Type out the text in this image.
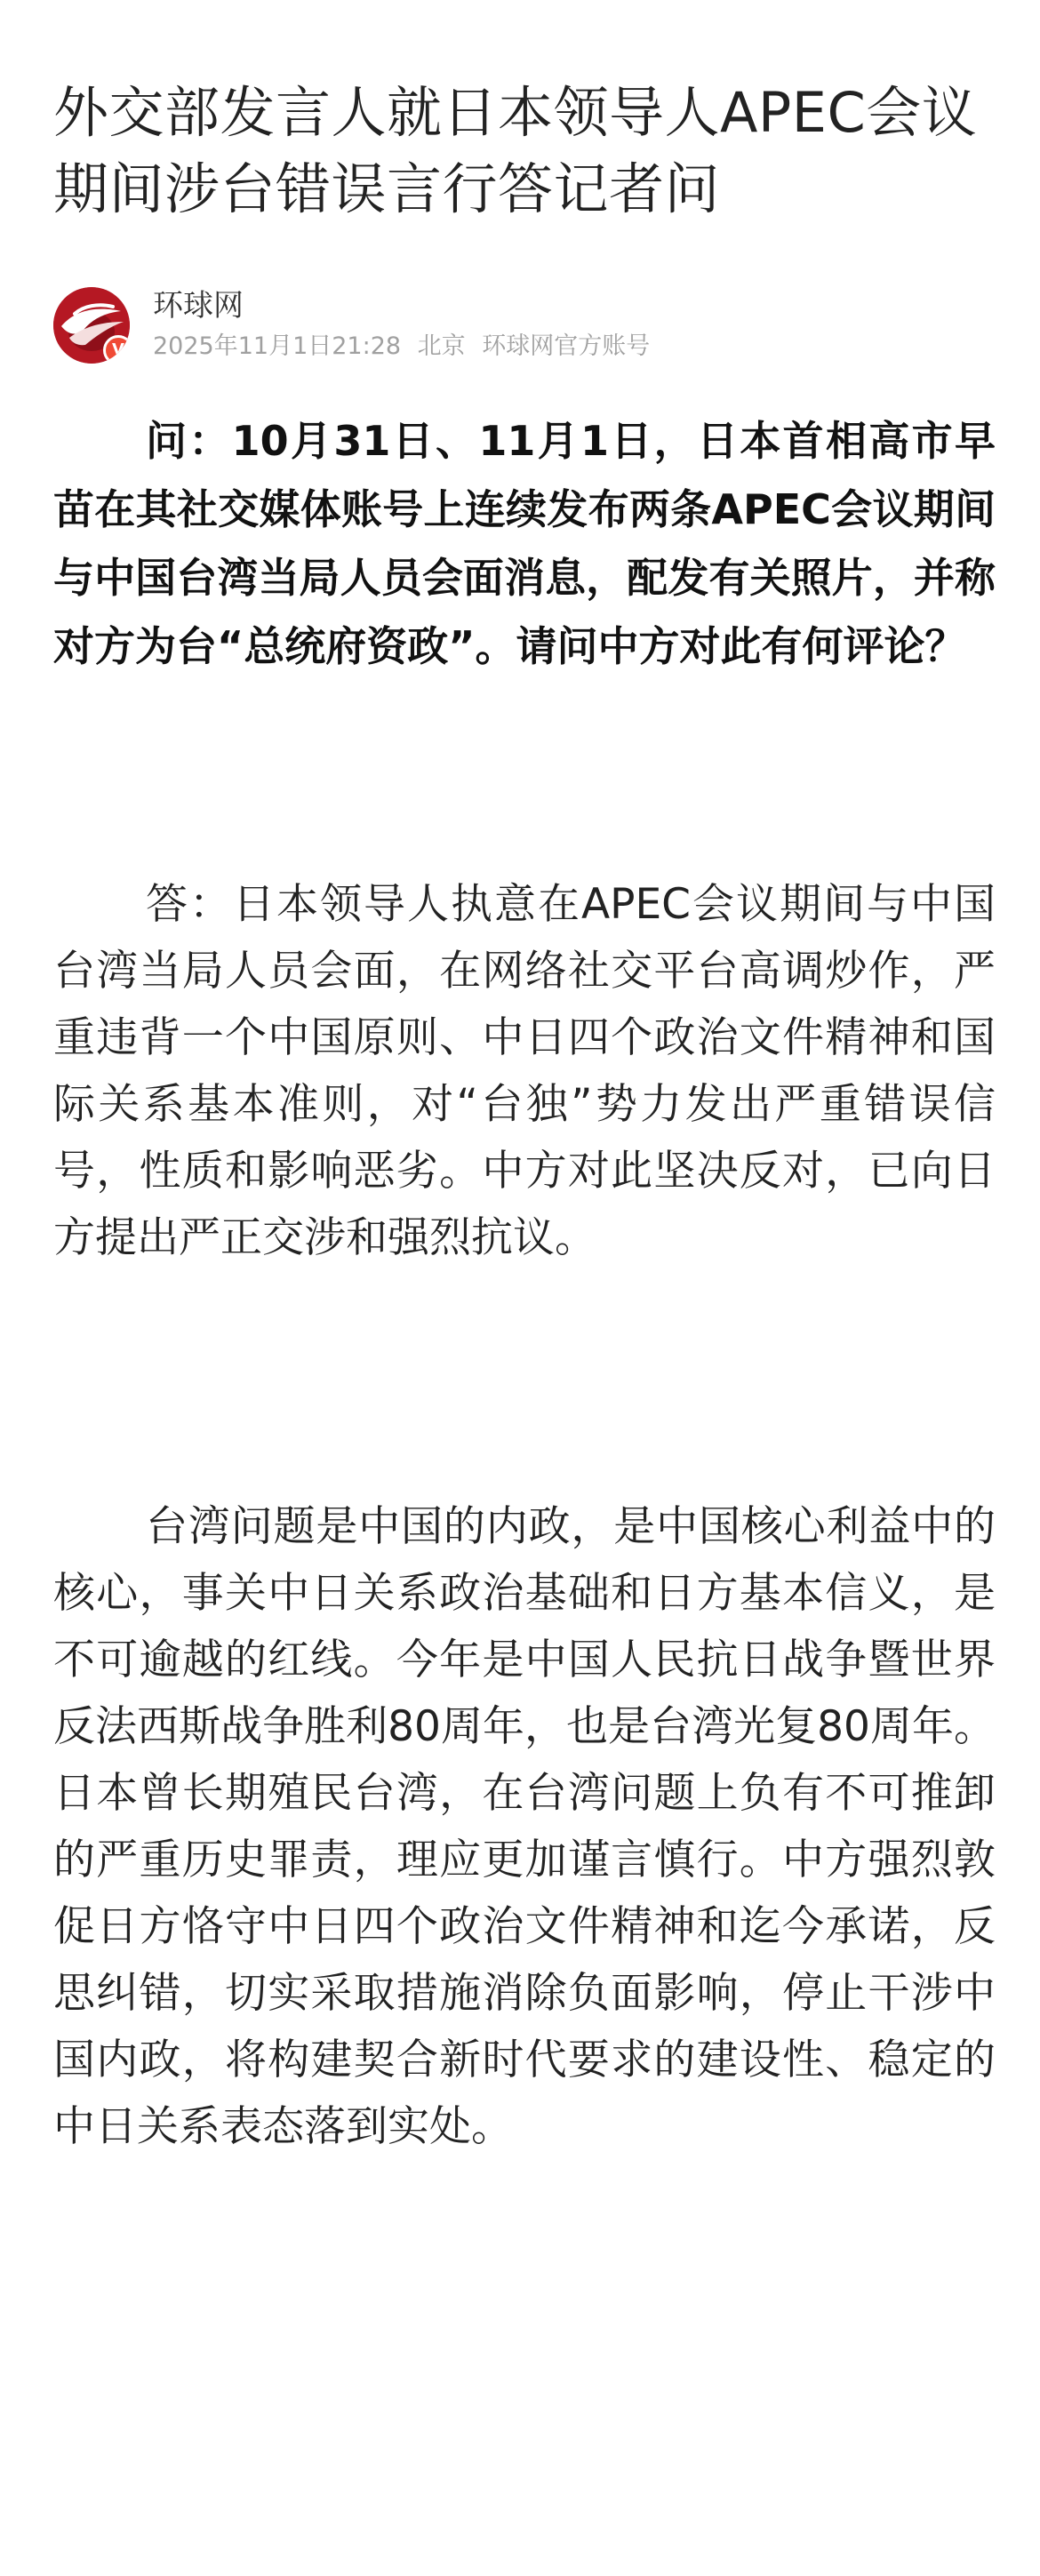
外交部发言人就日本领导人APEC会议期间涉台错误言行答记者问
V
环球网
2025年11月1日21:28 北京 环球网官方账号

问：10月31日、11月1日，日本首相高市早苗在其社交媒体账号上连续发布两条APEC会议期间与中国台湾当局人员会面消息，配发有关照片，并称对方为台“总统府资政”。请问中方对此有何评论？

答：日本领导人执意在APEC会议期间与中国台湾当局人员会面，在网络社交平台高调炒作，严重违背一个中国原则、中日四个政治文件精神和国际关系基本准则，对“台独”势力发出严重错误信号，性质和影响恶劣。中方对此坚决反对，已向日方提出严正交涉和强烈抗议。

台湾问题是中国的内政，是中国核心利益中的核心，事关中日关系政治基础和日方基本信义，是不可逾越的红线。今年是中国人民抗日战争暨世界反法西斯战争胜利80周年，也是台湾光复80周年。日本曾长期殖民台湾，在台湾问题上负有不可推卸的严重历史罪责，理应更加谨言慎行。中方强烈敦促日方恪守中日四个政治文件精神和迄今承诺，反思纠错，切实采取措施消除负面影响，停止干涉中国内政，将构建契合新时代要求的建设性、稳定的中日关系表态落到实处。
